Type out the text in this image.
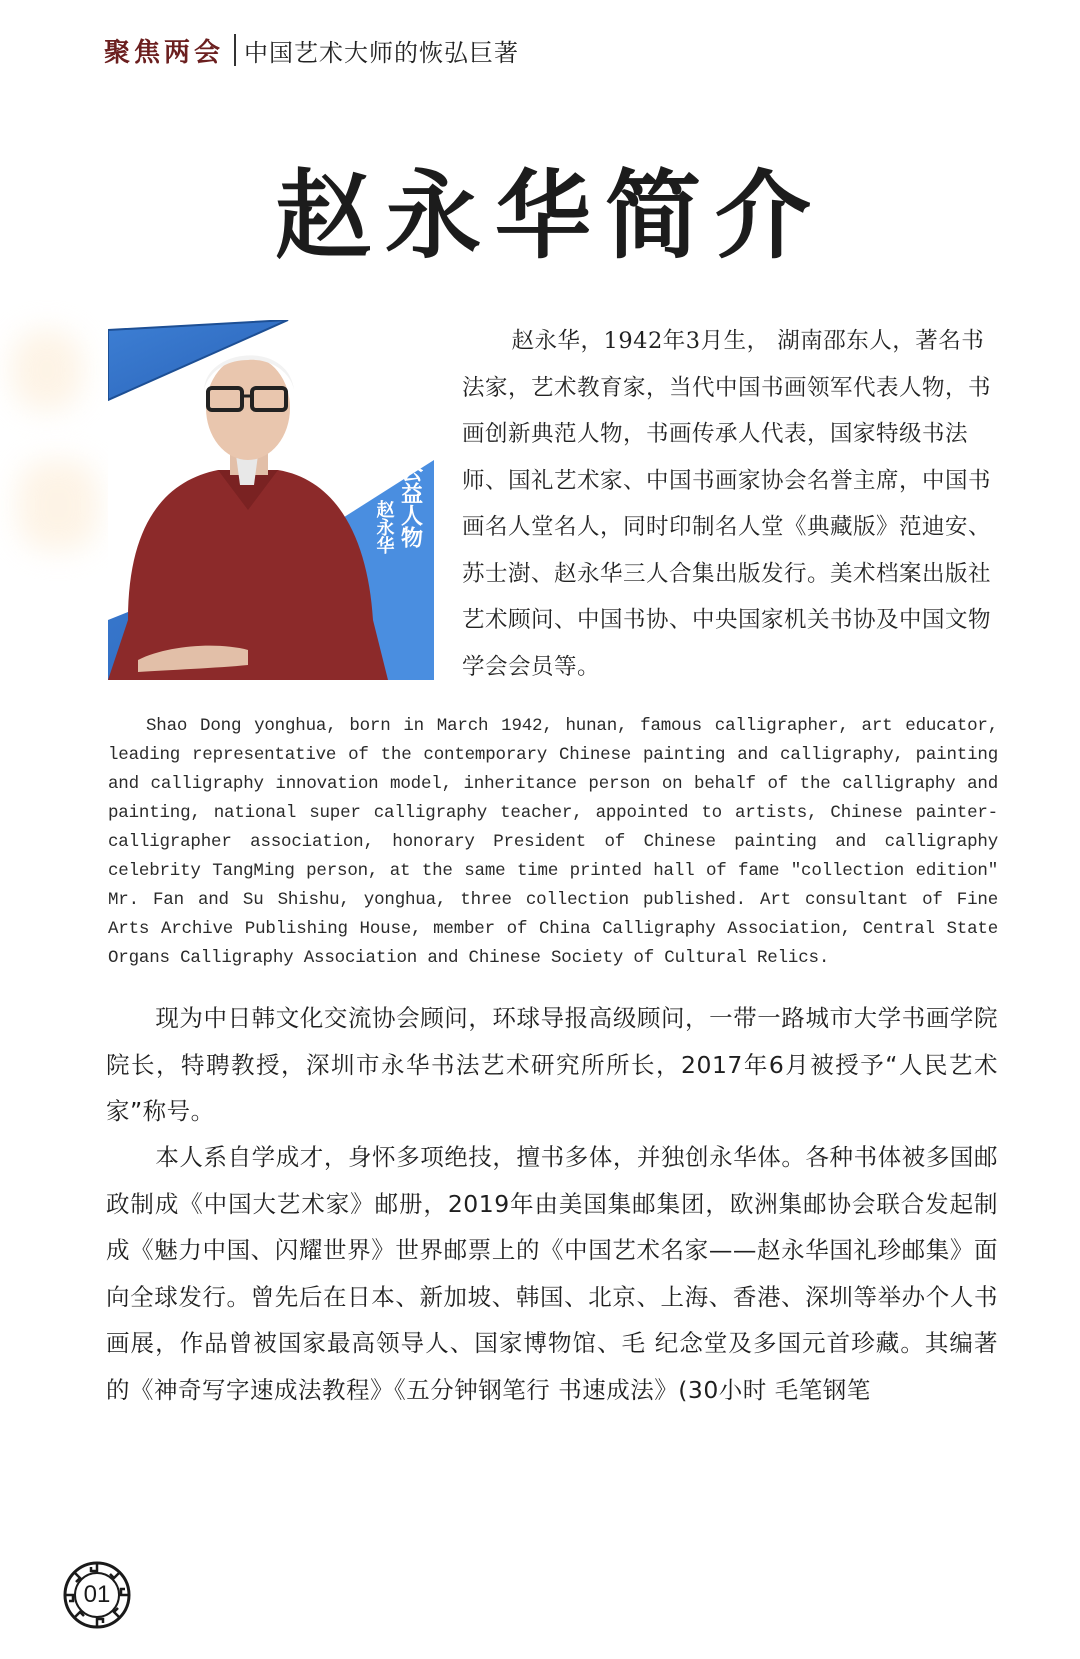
聚焦两会 中国艺术大师的恢弘巨著
赵永华简介
公益人物
赵永华

赵永华，1942年3月生， 湖南邵东人，著名书法家，艺术教育家，当代中国书画领军代表人物，书画创新典范人物，书画传承人代表，国家特级书法师、国礼艺术家、中国书画家协会名誉主席，中国书画名人堂名人，同时印制名人堂《典藏版》范迪安、苏士澍、赵永华三人合集出版发行。美术档案出版社艺术顾问、中国书协、中央国家机关书协及中国文物学会会员等。

Shao Dong yonghua, born in March 1942, hunan, famous calligrapher, art educator, leading representative of the contemporary Chinese painting and calligraphy, painting and calligraphy innovation model, inheritance person on behalf of the calligraphy and painting, national super calligraphy teacher, appointed to artists, Chinese painter-calligrapher association, honorary President of Chinese painting and calligraphy celebrity TangMing person, at the same time printed hall of fame "collection edition" Mr. Fan and Su Shishu, yonghua, three collection published. Art consultant of Fine Arts Archive Publishing House, member of China Calligraphy Association, Central State Organs Calligraphy Association and Chinese Society of Cultural Relics.

现为中日韩文化交流协会顾问，环球导报高级顾问，一带一路城市大学书画学院院长，特聘教授，深圳市永华书法艺术研究所所长，2017年6月被授予“人民艺术家”称号。

本人系自学成才，身怀多项绝技，擅书多体，并独创永华体。各种书体被多国邮政制成《中国大艺术家》邮册，2019年由美国集邮集团，欧洲集邮协会联合发起制成《魅力中国、闪耀世界》世界邮票上的《中国艺术名家——赵永华国礼珍邮集》面向全球发行。曾先后在日本、新加坡、韩国、北京、上海、香港、深圳等举办个人书画展，作品曾被国家最高领导人、国家博物馆、毛 纪念堂及多国元首珍藏。其编著的《神奇写字速成法教程》《五分钟钢笔行 书速成法》(30小时 毛笔钢笔

01
